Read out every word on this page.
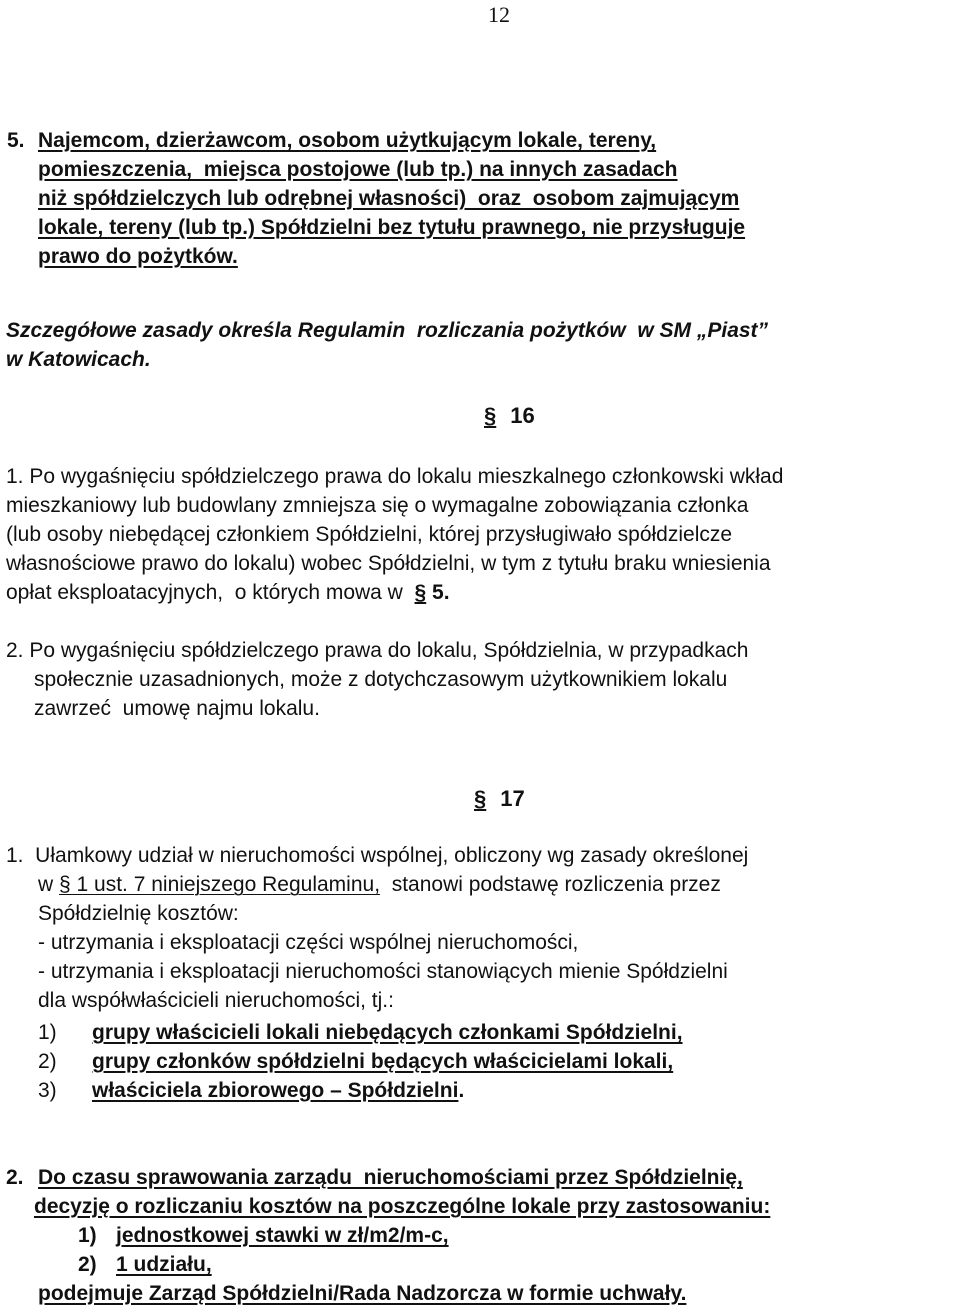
12
5. Najemcom, dzierżawcom, osobom użytkującym lokale, tereny,
pomieszczenia,  miejsca postojowe (lub tp.) na innych zasadach
niż spółdzielczych lub odrębnej własności)  oraz  osobom zajmującym
lokale, tereny (lub tp.) Spółdzielni bez tytułu prawnego, nie przysługuje
prawo do pożytków.
Szczegółowe zasady określa Regulamin  rozliczania pożytków  w SM „Piast”
w Katowicach.
§ 16
1. Po wygaśnięciu spółdzielczego prawa do lokalu mieszkalnego członkowski wkład
mieszkaniowy lub budowlany zmniejsza się o wymagalne zobowiązania członka
(lub osoby niebędącej członkiem Spółdzielni, której przysługiwało spółdzielcze
własnościowe prawo do lokalu) wobec Spółdzielni, w tym z tytułu braku wniesienia
opłat eksploatacyjnych,  o których mowa w  § 5.
2. Po wygaśnięciu spółdzielczego prawa do lokalu, Spółdzielnia, w przypadkach
społecznie uzasadnionych, może z dotychczasowym użytkownikiem lokalu
zawrzeć  umowę najmu lokalu.
§ 17
1.  Ułamkowy udział w nieruchomości wspólnej, obliczony wg zasady określonej
w § 1 ust. 7 niniejszego Regulaminu,  stanowi podstawę rozliczenia przez
Spółdzielnię kosztów:
- utrzymania i eksploatacji części wspólnej nieruchomości,
- utrzymania i eksploatacji nieruchomości stanowiących mienie Spółdzielni
dla współwłaścicieli nieruchomości, tj.:
1) grupy właścicieli lokali niebędących członkami Spółdzielni,
2) grupy członków spółdzielni będących właścicielami lokali,
3) właściciela zbiorowego – Spółdzielni.
2. Do czasu sprawowania zarządu  nieruchomościami przez Spółdzielnię,
decyzję o rozliczaniu kosztów na poszczególne lokale przy zastosowaniu:
1) jednostkowej stawki w zł/m2/m-c,
2) 1 udziału,
podejmuje Zarząd Spółdzielni/Rada Nadzorcza w formie uchwały.
